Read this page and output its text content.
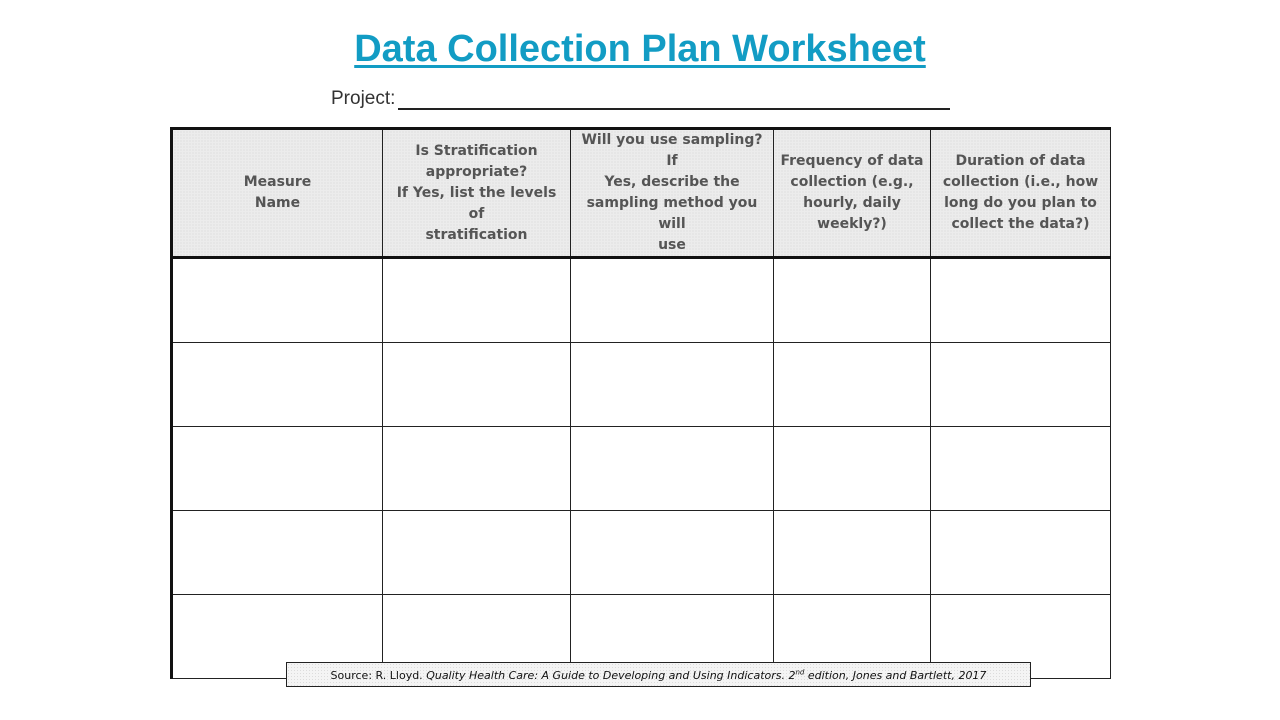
Data Collection Plan Worksheet
Project:
Measure
Name	Is Stratification
appropriate?
If Yes, list the levels of
stratification	Will you use sampling? If
Yes, describe the
sampling method you will
use	Frequency of data
collection (e.g.,
hourly, daily
weekly?)	Duration of data
collection (i.e., how
long do you plan to
collect the data?)

Source: R. Lloyd. Quality Health Care: A Guide to Developing and Using Indicators. 2nd edition, Jones and Bartlett, 2017
